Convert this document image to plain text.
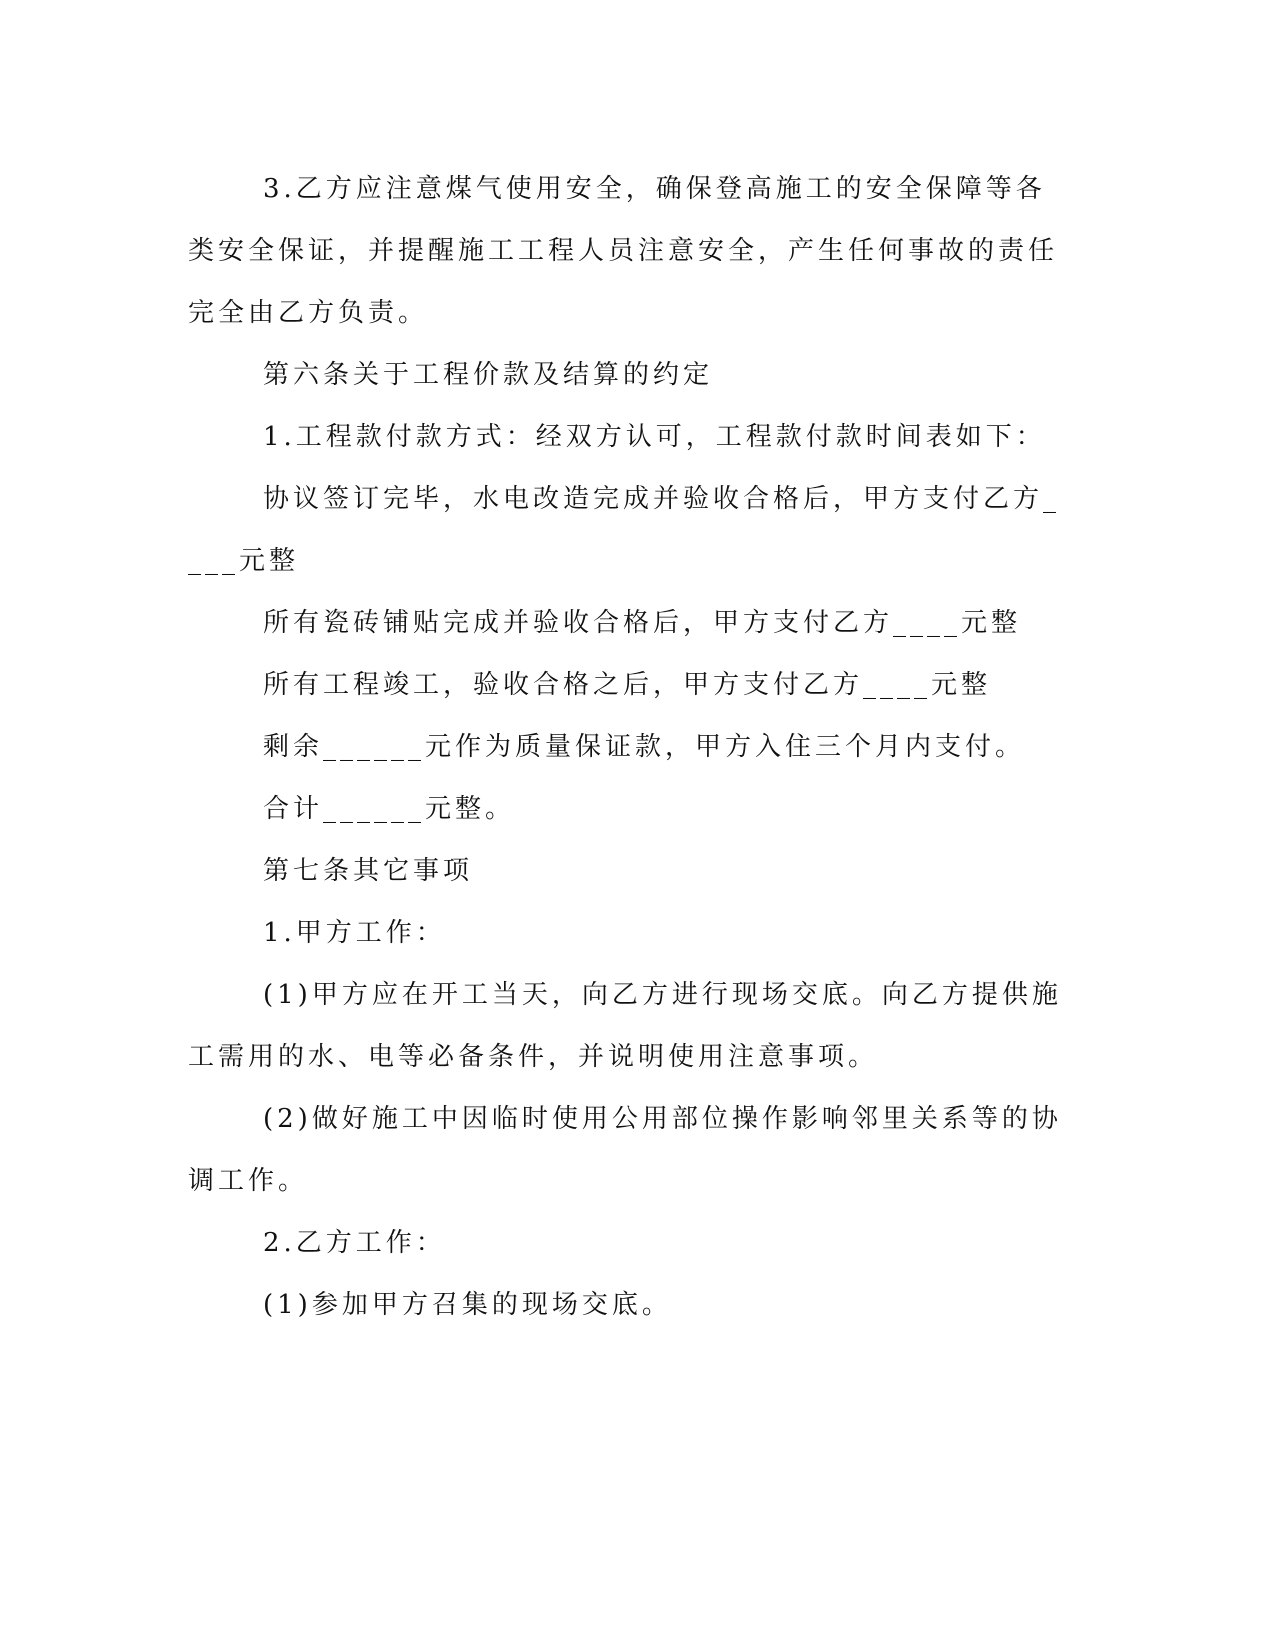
3.乙方应注意煤气使用安全，确保登高施工的安全保障等各类安全保证，并提醒施工工程人员注意安全，产生任何事故的责任完全由乙方负责。

第六条关于工程价款及结算的约定

1.工程款付款方式：经双方认可，工程款付款时间表如下：

协议签订完毕，水电改造完成并验收合格后，甲方支付乙方____元整

所有瓷砖铺贴完成并验收合格后，甲方支付乙方____元整

所有工程竣工，验收合格之后，甲方支付乙方____元整

剩余______元作为质量保证款，甲方入住三个月内支付。

合计______元整。

第七条其它事项

1.甲方工作：

(1)甲方应在开工当天，向乙方进行现场交底。向乙方提供施工需用的水、电等必备条件，并说明使用注意事项。

(2)做好施工中因临时使用公用部位操作影响邻里关系等的协调工作。

2.乙方工作：

(1)参加甲方召集的现场交底。
